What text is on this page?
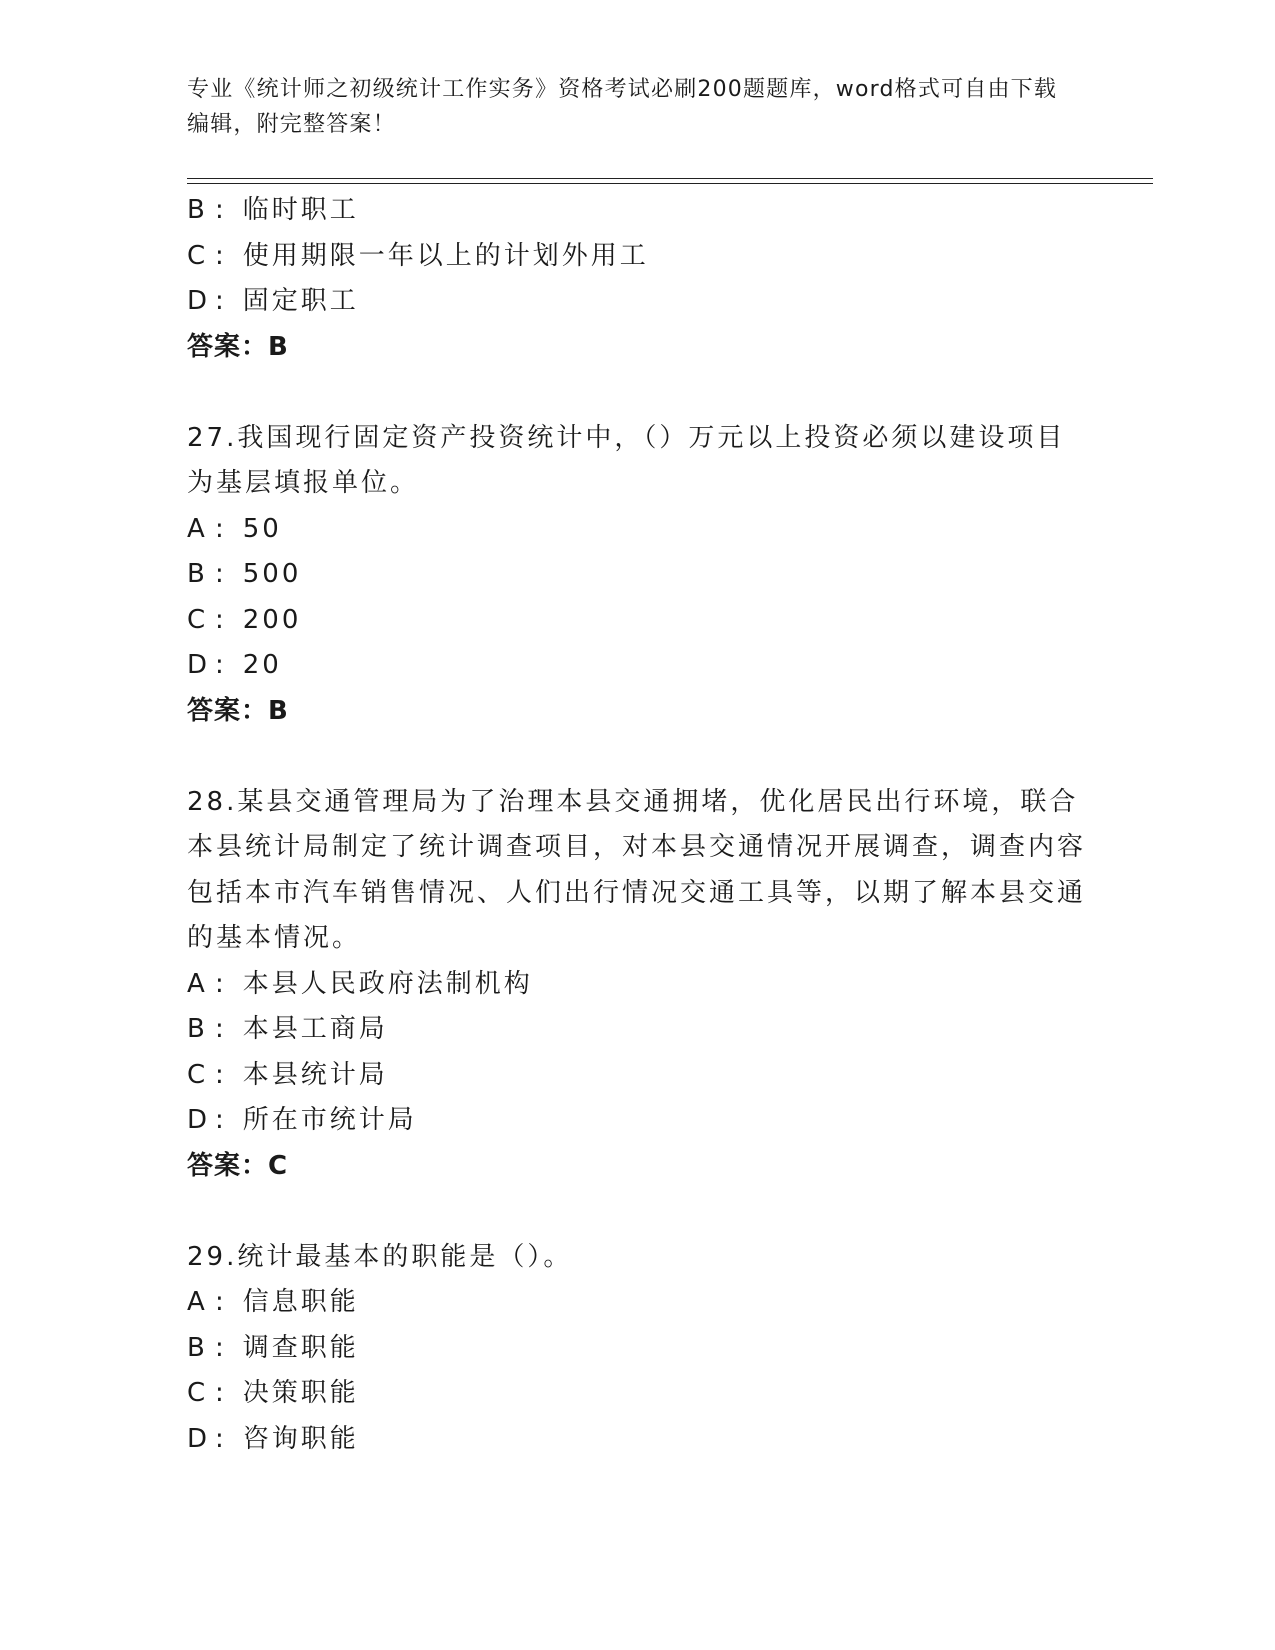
专业《统计师之初级统计工作实务》资格考试必刷200题题库，word格式可自由下载编辑，附完整答案！

B : 临时职工
C : 使用期限一年以上的计划外用工
D : 固定职工
答案：B
27.我国现行固定资产投资统计中，（）万元以上投资必须以建设项目为基层填报单位。
A : 50
B : 500
C : 200
D : 20
答案：B
28.某县交通管理局为了治理本县交通拥堵，优化居民出行环境，联合本县统计局制定了统计调查项目，对本县交通情况开展调查，调查内容包括本市汽车销售情况、人们出行情况交通工具等，以期了解本县交通的基本情况。
A : 本县人民政府法制机构
B : 本县工商局
C : 本县统计局
D : 所在市统计局
答案：C
29.统计最基本的职能是（）。
A : 信息职能
B : 调查职能
C : 决策职能
D : 咨询职能
